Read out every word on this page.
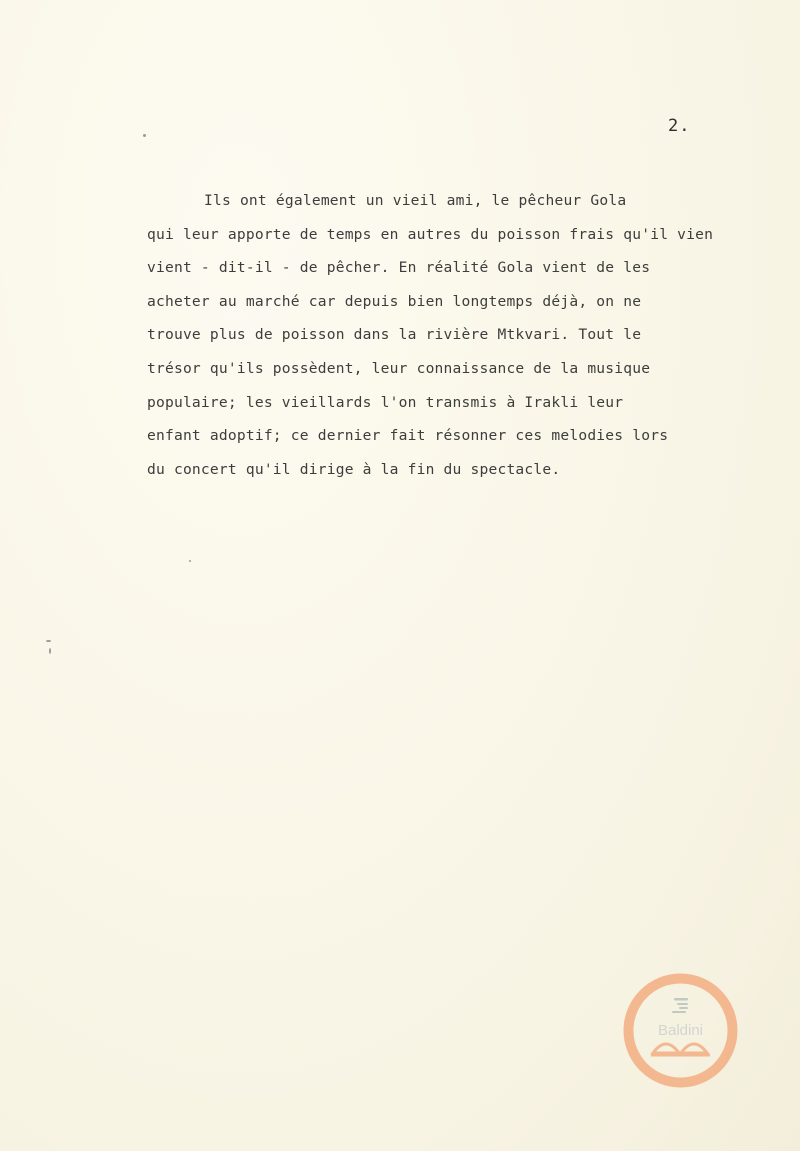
2.
Ils ont également un vieil ami, le pêcheur Gola
qui leur apporte de temps en autres du poisson frais qu'il vien
vient - dit-il - de pêcher. En réalité Gola vient de les
acheter au marché car depuis bien longtemps déjà, on ne
trouve plus de poisson dans la rivière Mtkvari. Tout le
trésor qu'ils possèdent, leur connaissance de la musique
populaire; les vieillards l'on transmis à Irakli leur
enfant adoptif; ce dernier fait résonner ces melodies lors
du concert qu'il dirige à la fin du spectacle.
Baldini
